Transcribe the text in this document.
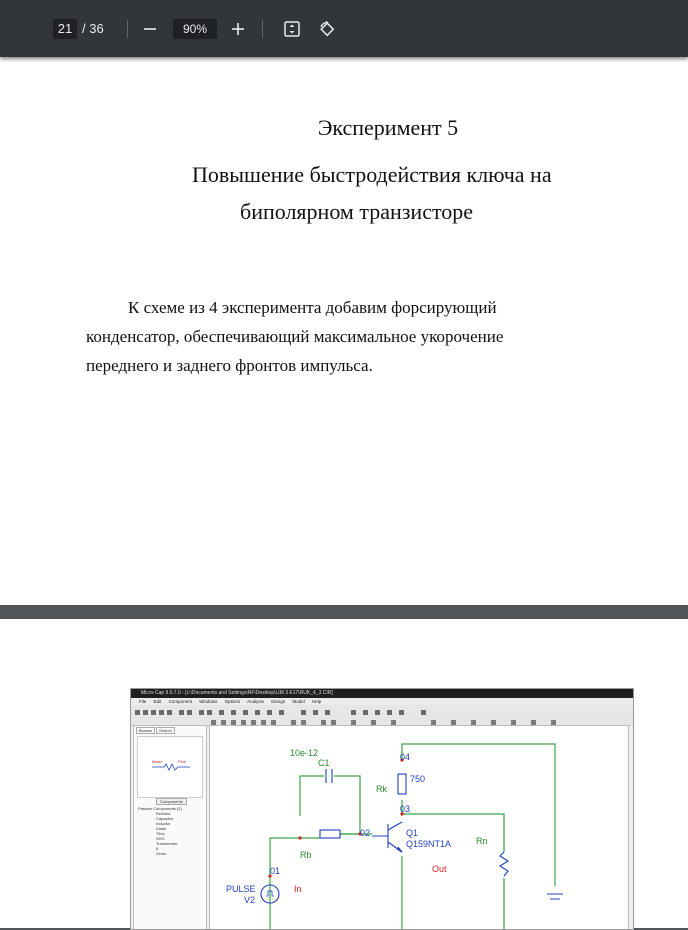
21 / 36	90%
Эксперимент 5
Повышение быстродействия ключа на
биполярном транзисторе
К схеме из 4 эксперимента добавим форсирующий
конденсатор, обеспечивающий максимальное укорочение
переднего и заднего фронтов импульса.
Micro-Cap 9.0.7.0 - [c:\Documents and Settings\RF\Desktop\LIM 3 E17\RUK_4_3.CIR]
File Edit Component Windows Options Analysis Design Model Help
Browse	Search
Meter	Plus
Components
Passive Components (2)
Resistor
Capacitor
Inductor
Diode
Tline
SHG
Transformer
K
Zener
10e-12
C1
Rk
750
04
03
02
01
Q1
Q159NT1A
Rb
Rn
Out
In
PULSE
V2
